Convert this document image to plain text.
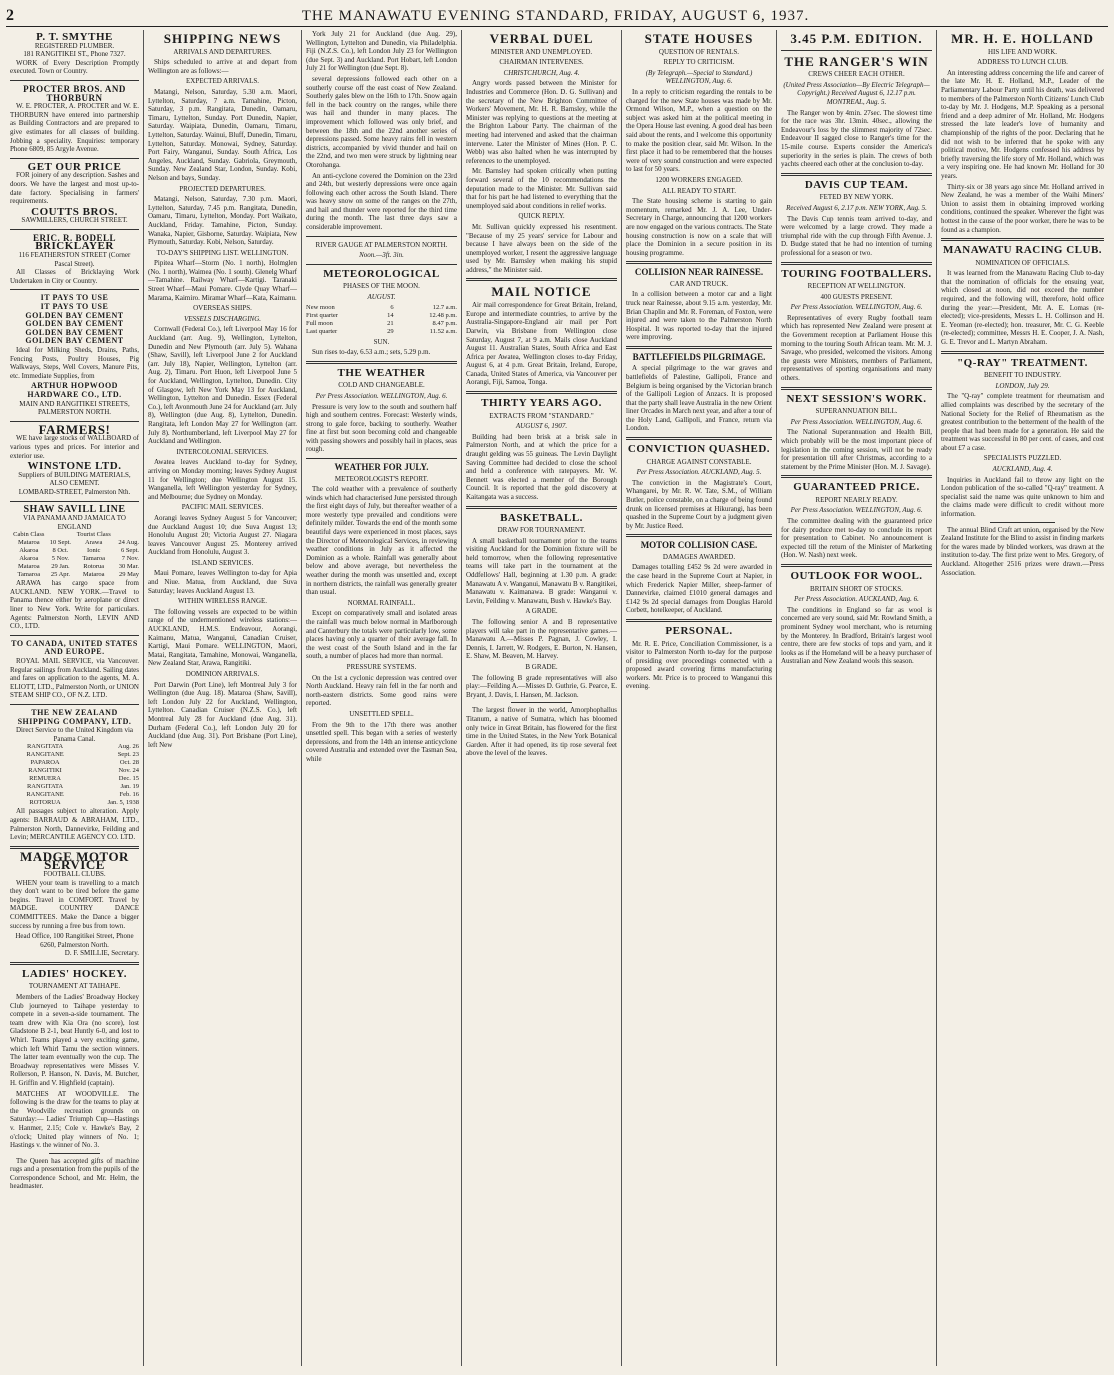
2	THE MANAWATU EVENING STANDARD, FRIDAY, AUGUST 6, 1937.
P. T. SMYTHE
REGISTERED PLUMBER.
181 RANGITIKEI ST., Phone 7327.

WORK of Every Description Promptly executed. Town or Country.

PROCTER BROS. AND THORBURN

W. E. PROCTER, A. PROCTER and W. E. THORBURN have entered into partnership as Building Contractors and are prepared to give estimates for all classes of building. Jobbing a speciality. Enquiries: temporary Phone 6809, 85 Argyle Avenue.

GET OUR PRICE

FOR joinery of any description. Sashes and doors. We have the largest and most up-to-date factory. Specialising in farmers' requirements.

COUTTS BROS.
SAWMILLERS, CHURCH STREET.
ERIC. R. BODELL
BRICKLAYER
116 FEATHERSTON STREET (Corner Pascal Street).

All Classes of Bricklaying Work Undertaken in City or Country.

IT PAYS TO USE
IT PAYS TO USE
GOLDEN BAY CEMENT
GOLDEN BAY CEMENT
GOLDEN BAY CEMENT
GOLDEN BAY CEMENT

Ideal for Milking Sheds, Drains, Paths, Fencing Posts, Poultry Houses, Pig Walkways, Steps, Well Covers, Manure Pits, etc. Immediate Supplies, from

ARTHUR HOPWOOD HARDWARE CO., LTD.
MAIN AND RANGITIKEI STREETS, PALMERSTON NORTH.
FARMERS!

WE have large stocks of WALLBOARD of various types and prices. For interior and exterior use.

WINSTONE LTD.
Suppliers of BUILDING MATERIALS, ALSO CEMENT.
LOMBARD-STREET, Palmerston Nth.
SHAW SAVILL LINE
VIA PANAMA AND JAMAICA TO ENGLAND
Cabin Class		Tourist Class	
Mataroa	10 Sept.	Arawa	24 Aug.
Akaroa	8 Oct.	Ionic	6 Sept.
Akaroa	5 Nov.	Tamaroa	7 Nov.
Mataroa	29 Jan.	Rotorua	30 Mar.
Tamaroa	25 Apr.	Mataroa	29 May

ARAWA has cargo space from AUCKLAND. NEW YORK.—Travel to Panama thence either by aeroplane or direct liner to New York. Write for particulars. Agents: Palmerston North, LEVIN AND CO., LTD.

TO CANADA, UNITED STATES AND EUROPE.

ROYAL MAIL SERVICE, via Vancouver. Regular sailings from Auckland. Sailing dates and fares on application to the agents, M. A. ELIOTT, LTD., Palmerston North, or UNION STEAM SHIP CO., OF N.Z. LTD.

THE NEW ZEALAND SHIPPING COMPANY, LTD.
Direct Service to the United Kingdom via Panama Canal.
RANGITATA	Aug. 26
RANGITANE	Sept. 23
PAPAROA	Oct. 28
RANGITIKI	Nov. 24
REMUERA	Dec. 15
RANGITATA	Jan. 19
RANGITANE	Feb. 16
ROTORUA	Jan. 5, 1938

All passages subject to alteration. Apply agents: BARRAUD & ABRAHAM, LTD., Palmerston North, Dannevirke, Feilding and Levin; MERCANTILE AGENCY CO. LTD.

MADGE MOTOR SERVICE
FOOTBALL CLUBS.

WHEN your team is travelling to a match they don't want to be tired before the game begins. Travel in COMFORT. Travel by MADGE. COUNTRY DANCE COMMITTEES. Make the Dance a bigger success by running a free bus from town.

Head Office, 100 Rangitikei Street, Phone 6260, Palmerston North.
D. F. SMILLIE, Secretary.
LADIES' HOCKEY.
TOURNAMENT AT TAIHAPE.

Members of the Ladies' Broadway Hockey Club journeyed to Taihape yesterday to compete in a seven-a-side tournament. The team drew with Kia Ora (no score), lost Gladstone B 2-1, beat Huntly 6-0, and lost to Whirl. Teams played a very exciting game, which left Whirl Tamu the section winners. The latter team eventually won the cup. The Broadway representatives were Misses V. Rollerson, P. Hanson, N. Davis, M. Butcher, H. Griffin and V. Highfield (captain).

MATCHES AT WOODVILLE. The following is the draw for the teams to play at the Woodville recreation grounds on Saturday:— Ladies' Triumph Cup—Hastings v. Hanmer, 2.15; Cole v. Hawke's Bay, 2 o'clock; United play winners of No. 1; Hastings v. the winner of No. 3.

The Queen has accepted gifts of machine rugs and a presentation from the pupils of the Correspondence School, and Mr. Helm, the headmaster.

SHIPPING NEWS
ARRIVALS AND DEPARTURES.

Ships scheduled to arrive at and depart from Wellington are as follows:—

EXPECTED ARRIVALS.

Matangi, Nelson, Saturday, 5.30 a.m. Maori, Lyttelton, Saturday, 7 a.m. Tamahine, Picton, Saturday, 3 p.m. Rangitata, Dunedin, Oamaru, Timaru, Lyttelton, Sunday. Port Dunedin, Napier, Saturday. Waipiata, Dunedin, Oamaru, Timaru, Lyttelton, Saturday. Wainui, Bluff, Dunedin, Timaru, Lyttelton, Saturday. Monowai, Sydney, Saturday. Port Fairy, Wanganui, Sunday. South Africa, Los Angeles, Auckland, Sunday. Gabriola, Greymouth, Sunday. New Zealand Star, London, Sunday. Kobi, Nelson and bays, Sunday.

PROJECTED DEPARTURES.

Matangi, Nelson, Saturday, 7.30 p.m. Maori, Lyttelton, Saturday, 7.45 p.m. Rangitata, Dunedin, Oamaru, Timaru, Lyttelton, Monday. Port Waikato, Auckland, Friday. Tamahine, Picton, Sunday. Wanaka, Napier, Gisborne, Saturday. Waipiata, New Plymouth, Saturday. Kobi, Nelson, Saturday.

TO-DAY'S SHIPPING LIST. WELLINGTON.

Pipitea Wharf—Storm (No. 1 north), Holmglen (No. 1 north), Waimea (No. 1 south). Glenelg Wharf—Tamahine. Railway Wharf—Kartigi. Taranaki Street Wharf—Maui Pomare. Clyde Quay Wharf—Marama, Kaimiro. Miramar Wharf—Kata, Kaimanu.

OVERSEAS SHIPS.
VESSELS DISCHARGING.

Cornwall (Federal Co.), left Liverpool May 16 for Auckland (arr. Aug. 9), Wellington, Lyttelton, Dunedin and New Plymouth (arr. July 5). Wahana (Shaw, Savill), left Liverpool June 2 for Auckland (arr. July 18), Napier, Wellington, Lyttelton (arr. Aug. 2), Timaru. Port Huon, left Liverpool June 5 for Auckland, Wellington, Lyttelton, Dunedin. City of Glasgow, left New York May 13 for Auckland, Wellington, Lyttelton and Dunedin. Essex (Federal Co.), left Avonmouth June 24 for Auckland (arr. July 8), Wellington (due Aug. 8), Lyttelton, Dunedin. Rangitata, left London May 27 for Wellington (arr. July 8). Northumberland, left Liverpool May 27 for Auckland and Wellington.

INTERCOLONIAL SERVICES.

Awatea leaves Auckland to-day for Sydney, arriving on Monday morning; leaves Sydney August 11 for Wellington; due Wellington August 15. Wanganella, left Wellington yesterday for Sydney, and Melbourne; due Sydney on Monday.

PACIFIC MAIL SERVICES.

Aorangi leaves Sydney August 5 for Vancouver; due Auckland August 10; due Suva August 13; Honolulu August 20; Victoria August 27. Niagara leaves Vancouver August 25. Monterey arrived Auckland from Honolulu, August 3.

ISLAND SERVICES.

Maui Pomare, leaves Wellington to-day for Apia and Niue. Matua, from Auckland, due Suva Saturday; leaves Auckland August 13.

WITHIN WIRELESS RANGE.

The following vessels are expected to be within range of the undermentioned wireless stations:— AUCKLAND, H.M.S. Endeavour, Aorangi, Kaimanu, Matua, Wanganui, Canadian Cruiser, Kartigi, Maui Pomare. WELLINGTON, Maori, Matai, Rangitata, Tamahine, Monowai, Wanganella, New Zealand Star, Arawa, Rangitiki.

DOMINION ARRIVALS.

Port Darwin (Port Line), left Montreal July 3 for Wellington (due Aug. 18). Mataroa (Shaw, Savill), left London July 22 for Auckland, Wellington, Lyttelton. Canadian Cruiser (N.Z.S. Co.), left Montreal July 28 for Auckland (due Aug. 31). Durham (Federal Co.), left London July 20 for Auckland (due Aug. 31). Port Brisbane (Port Line), left New

York July 21 for Auckland (due Aug. 29), Wellington, Lyttelton and Dunedin, via Philadelphia. Fiji (N.Z.S. Co.), left London July 23 for Wellington (due Sept. 3) and Auckland. Port Hobart, left London July 21 for Wellington (due Sept. 8).

several depressions followed each other on a southerly course off the east coast of New Zealand. Southerly gales blew on the 16th to 17th. Snow again fell in the back country on the ranges, while there was hail and thunder in many places. The improvement which followed was only brief, and between the 18th and the 22nd another series of depressions passed. Some heavy rains fell in western districts, accompanied by vivid thunder and hail on the 22nd, and two men were struck by lightning near Otorohanga.

An anti-cyclone covered the Dominion on the 23rd and 24th, but westerly depressions were once again following each other across the South Island. There was heavy snow on some of the ranges on the 27th, and hail and thunder were reported for the third time during the month. The last three days saw a considerable improvement.

RIVER GAUGE AT PALMERSTON NORTH.
Noon.—3ft. 3in.
METEOROLOGICAL
PHASES OF THE MOON.
AUGUST.
New moon	6	12.7 a.m.
First quarter	14	12.48 p.m.
Full moon	21	8.47 p.m.
Last quarter	29	11.52 a.m.
SUN.

Sun rises to-day, 6.53 a.m.; sets, 5.29 p.m.

THE WEATHER
COLD AND CHANGEABLE.
Per Press Association. WELLINGTON, Aug. 6.

Pressure is very low to the south and southern half high and southern centres. Forecast: Westerly winds, strong to gale force, backing to southerly. Weather fine at first but soon becoming cold and changeable with passing showers and possibly hail in places, seas rough.

WEATHER FOR JULY.
METEOROLOGIST'S REPORT.

The cold weather with a prevalence of southerly winds which had characterised June persisted through the first eight days of July, but thereafter weather of a more westerly type prevailed and conditions were definitely milder. Towards the end of the month some beautiful days were experienced in most places, says the Director of Meteorological Services, in reviewing weather conditions in July as it affected the Dominion as a whole. Rainfall was generally about below and above average, but nevertheless the weather during the month was unsettled and, except in northern districts, the rainfall was generally greater than usual.

NORMAL RAINFALL.

Except on comparatively small and isolated areas the rainfall was much below normal in Marlborough and Canterbury the totals were particularly low, some places having only a quarter of their average fall. In the west coast of the South Island and in the far south, a number of places had more than normal.

PRESSURE SYSTEMS.

On the 1st a cyclonic depression was centred over North Auckland. Heavy rain fell in the far north and north-eastern districts. Some good rains were reported.

UNSETTLED SPELL.

From the 9th to the 17th there was another unsettled spell. This began with a series of westerly depressions, and from the 14th an intense anticyclone covered Australia and extended over the Tasman Sea, while

VERBAL DUEL
MINISTER AND UNEMPLOYED.
CHAIRMAN INTERVENES.
CHRISTCHURCH, Aug. 4.

Angry words passed between the Minister for Industries and Commerce (Hon. D. G. Sullivan) and the secretary of the New Brighton Committee of Workers' Movement, Mr. H. R. Barnsley, while the Minister was replying to questions at the meeting at the Brighton Labour Party. The chairman of the meeting had intervened and asked that the chairman intervene. Later the Minister of Mines (Hon. P. C. Webb) was also halted when he was interrupted by references to the unemployed.

Mr. Barnsley had spoken critically when putting forward several of the 10 recommendations the deputation made to the Minister. Mr. Sullivan said that for his part he had listened to everything that the unemployed said about conditions in relief works.

QUICK REPLY.

Mr. Sullivan quickly expressed his resentment. "Because of my 25 years' service for Labour and because I have always been on the side of the unemployed worker, I resent the aggressive language used by Mr. Barnsley when making his stupid address," the Minister said.

MAIL NOTICE

Air mail correspondence for Great Britain, Ireland, Europe and intermediate countries, to arrive by the Australia-Singapore-England air mail per Port Darwin, via Brisbane from Wellington close Saturday, August 7, at 9 a.m. Mails close Auckland August 11. Australian States, South Africa and East Africa per Awatea, Wellington closes to-day Friday, August 6, at 4 p.m. Great Britain, Ireland, Europe, Canada, United States of America, via Vancouver per Aorangi, Fiji, Samoa, Tonga.

THIRTY YEARS AGO.
EXTRACTS FROM "STANDARD."
AUGUST 6, 1907.

Building had been brisk at a brisk sale in Palmerston North, and at which the price for a draught gelding was 55 guineas. The Levin Daylight Saving Committee had decided to close the school and held a conference with ratepayers. Mr. W. Bennett was elected a member of the Borough Council. It is reported that the gold discovery at Kaitangata was a success.

BASKETBALL.
DRAW FOR TOURNAMENT.

A small basketball tournament prior to the teams visiting Auckland for the Dominion fixture will be held tomorrow, when the following representative teams will take part in the tournament at the Oddfellows' Hall, beginning at 1.30 p.m. A grade: Manawatu A v. Wanganui, Manawatu B v. Rangitikei, Manawatu v. Kaimanawa. B grade: Wanganui v. Levin, Feilding v. Manawatu, Bush v. Hawke's Bay.

A GRADE.

The following senior A and B representative players will take part in the representative games.—Manawatu A.—Misses P. Pagnan, J. Cowley, I. Dennis, I. Jarrett, W. Rodgers, E. Burton, N. Hansen, E. Shaw, M. Beaven, M. Harvey.

B GRADE.

The following B grade representatives will also play:—Feilding A.—Misses D. Guthrie, G. Pearce, E. Bryant, J. Davis, I. Hansen, M. Jackson.

The largest flower in the world, Amorphophallus Titanum, a native of Sumatra, which has bloomed only twice in Great Britain, has flowered for the first time in the United States, in the New York Botanical Garden. After it had opened, its tip rose several feet above the level of the leaves.

STATE HOUSES
QUESTION OF RENTALS.
REPLY TO CRITICISM.
(By Telegraph.—Special to Standard.) WELLINGTON, Aug. 6.

In a reply to criticism regarding the rentals to be charged for the new State houses was made by Mr. Ormond Wilson, M.P., when a question on the subject was asked him at the political meeting in the Opera House last evening. A good deal has been said about the rents, and I welcome this opportunity to make the position clear, said Mr. Wilson. In the first place it had to be remembered that the houses were of very sound construction and were expected to last for 50 years.

1200 WORKERS ENGAGED.
ALL READY TO START.

The State housing scheme is starting to gain momentum, remarked Mr. J. A. Lee, Under-Secretary in Charge, announcing that 1200 workers are now engaged on the various contracts. The State housing construction is now on a scale that will place the Dominion in a secure position in its housing programme.

COLLISION NEAR RAINESSE.
CAR AND TRUCK.

In a collision between a motor car and a light truck near Rainesse, about 9.15 a.m. yesterday, Mr. Brian Chaplin and Mr. R. Foreman, of Foxton, were injured and were taken to the Palmerston North Hospital. It was reported to-day that the injured were improving.

BATTLEFIELDS PILGRIMAGE.

A special pilgrimage to the war graves and battlefields of Palestine, Gallipoli, France and Belgium is being organised by the Victorian branch of the Gallipoli Legion of Anzacs. It is proposed that the party shall leave Australia in the new Orient liner Orcades in March next year, and after a tour of the Holy Land, Gallipoli, and France, return via London.

CONVICTION QUASHED.
CHARGE AGAINST CONSTABLE.
Per Press Association. AUCKLAND, Aug. 5.

The conviction in the Magistrate's Court, Whangarei, by Mr. R. W. Tate, S.M., of William Butler, police constable, on a charge of being found drunk on licensed premises at Hikurangi, has been quashed in the Supreme Court by a judgment given by Mr. Justice Reed.

MOTOR COLLISION CASE.
DAMAGES AWARDED.

Damages totalling £452 9s 2d were awarded in the case heard in the Supreme Court at Napier, in which Frederick Napier Miller, sheep-farmer of Dannevirke, claimed £1010 general damages and £142 9s 2d special damages from Douglas Harold Corbett, hotelkeeper, of Auckland.

PERSONAL.

Mr. R. E. Price, Conciliation Commissioner, is a visitor to Palmerston North to-day for the purpose of presiding over proceedings connected with a proposed award covering firms manufacturing workers. Mr. Price is to proceed to Wanganui this evening.

3.45 P.M. EDITION.
THE RANGER'S WIN
CREWS CHEER EACH OTHER.
(United Press Association—By Electric Telegraph—Copyright.) Received August 6, 12.17 p.m. MONTREAL, Aug. 5.

The Ranger won by 4min. 27sec. The slowest time for the race was 3hr. 13min. 40sec., allowing the Endeavour's loss by the slimmest majority of 72sec. Endeavour II sagged close to Ranger's time for the 15-mile course. Experts consider the America's superiority in the series is plain. The crews of both yachts cheered each other at the conclusion to-day.

DAVIS CUP TEAM.
FETED BY NEW YORK.
Received August 6, 2.17 p.m. NEW YORK, Aug. 5.

The Davis Cup tennis team arrived to-day, and were welcomed by a large crowd. They made a triumphal ride with the cup through Fifth Avenue. J. D. Budge stated that he had no intention of turning professional for a season or two.

TOURING FOOTBALLERS.
RECEPTION AT WELLINGTON.
400 GUESTS PRESENT.
Per Press Association. WELLINGTON, Aug. 6.

Representatives of every Rugby football team which has represented New Zealand were present at the Government reception at Parliament House this morning to the touring South African team. Mr. M. J. Savage, who presided, welcomed the visitors. Among the guests were Ministers, members of Parliament, representatives of sporting organisations and many others.

NEXT SESSION'S WORK.
SUPERANNUATION BILL.
Per Press Association. WELLINGTON, Aug. 6.

The National Superannuation and Health Bill, which probably will be the most important piece of legislation in the coming session, will not be ready for presentation till after Christmas, according to a statement by the Prime Minister (Hon. M. J. Savage).

GUARANTEED PRICE.
REPORT NEARLY READY.
Per Press Association. WELLINGTON, Aug. 6.

The committee dealing with the guaranteed price for dairy produce met to-day to conclude its report for presentation to Cabinet. No announcement is expected till the return of the Minister of Marketing (Hon. W. Nash) next week.

OUTLOOK FOR WOOL.
BRITAIN SHORT OF STOCKS.
Per Press Association. AUCKLAND, Aug. 6.

The conditions in England so far as wool is concerned are very sound, said Mr. Rowland Smith, a prominent Sydney wool merchant, who is returning by the Monterey. In Bradford, Britain's largest wool centre, there are few stocks of tops and yarn, and it looks as if the Homeland will be a heavy purchaser of Australian and New Zealand wools this season.

MR. H. E. HOLLAND
HIS LIFE AND WORK.
ADDRESS TO LUNCH CLUB.

An interesting address concerning the life and career of the late Mr. H. E. Holland, M.P., Leader of the Parliamentary Labour Party until his death, was delivered to members of the Palmerston North Citizens' Lunch Club to-day by Mr. J. Hodgens, M.P. Speaking as a personal friend and a deep admirer of Mr. Holland, Mr. Hodgens stressed the late leader's love of humanity and championship of the rights of the poor. Declaring that he did not wish to be inferred that he spoke with any political motive, Mr. Hodgens confessed his address by briefly traversing the life story of Mr. Holland, which was a very inspiring one. He had known Mr. Holland for 30 years.

Thirty-six or 38 years ago since Mr. Holland arrived in New Zealand, he was a member of the Waihi Miners' Union to assist them in obtaining improved working conditions, continued the speaker. Wherever the fight was hottest in the cause of the poor worker, there he was to be found as a champion.

MANAWATU RACING CLUB.
NOMINATION OF OFFICIALS.

It was learned from the Manawatu Racing Club to-day that the nomination of officials for the ensuing year, which closed at noon, did not exceed the number required, and the following will, therefore, hold office during the year:—President, Mr. A. E. Lomas (re-elected); vice-presidents, Messrs L. H. Collinson and H. E. Yeoman (re-elected); hon. treasurer, Mr. C. G. Keeble (re-elected); committee, Messrs H. E. Cooper, J. A. Nash, G. E. Trevor and L. Martyn Abraham.

"Q-RAY" TREATMENT.
BENEFIT TO INDUSTRY.
LONDON, July 29.

The "Q-ray" complete treatment for rheumatism and allied complaints was described by the secretary of the National Society for the Relief of Rheumatism as the greatest contribution to the betterment of the health of the people that had been made for a generation. He said the treatment was successful in 80 per cent. of cases, and cost about £7 a case.

SPECIALISTS PUZZLED.
AUCKLAND, Aug. 4.

Inquiries in Auckland fail to throw any light on the London publication of the so-called "Q-ray" treatment. A specialist said the name was quite unknown to him and the claims made were difficult to credit without more information.

The annual Blind Craft art union, organised by the New Zealand Institute for the Blind to assist in finding markets for the wares made by blinded workers, was drawn at the institution to-day. The first prize went to Mrs. Gregory, of Auckland. Altogether 2516 prizes were drawn.—Press Association.
